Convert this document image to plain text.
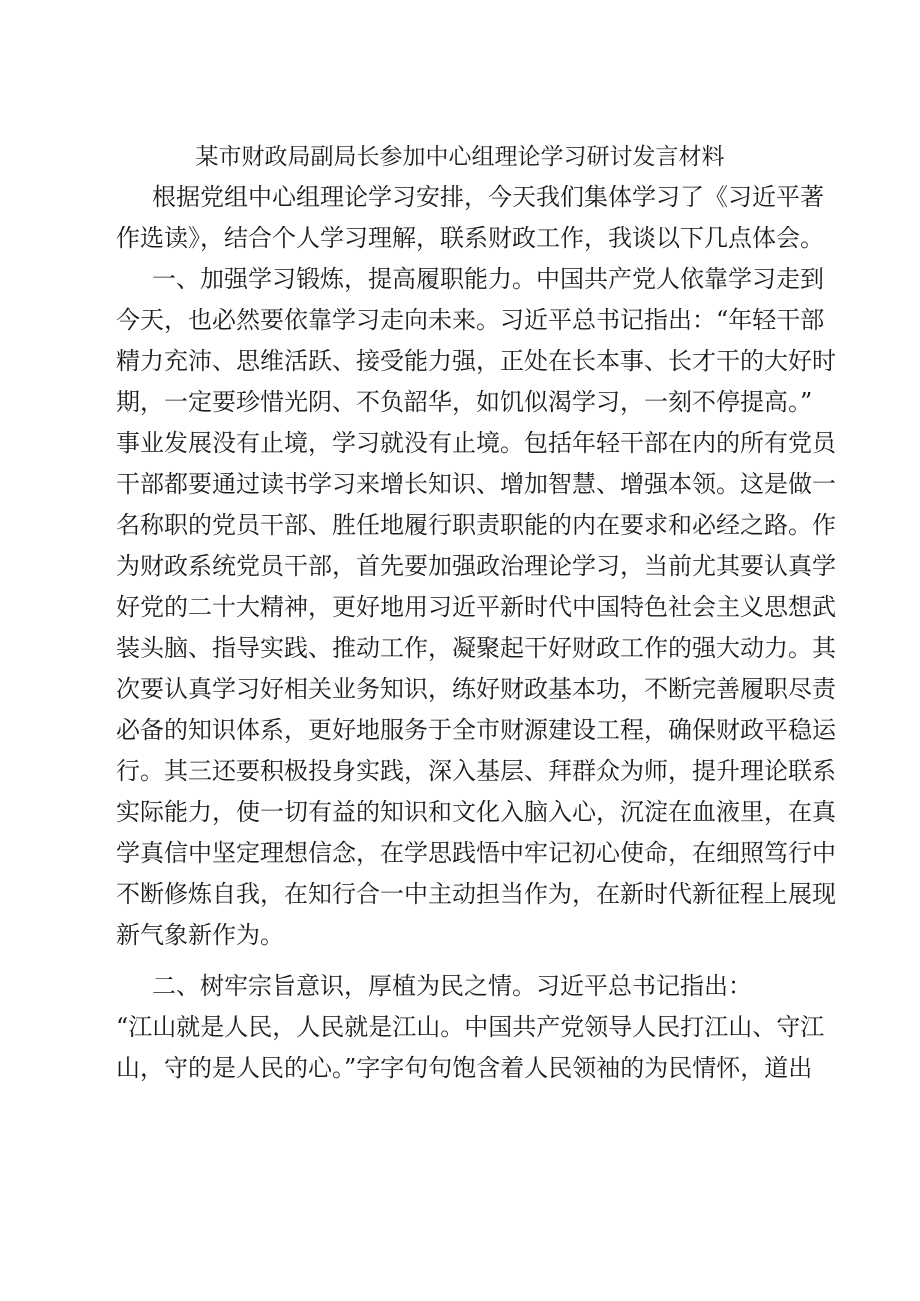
某市财政局副局长参加中心组理论学习研讨发言材料
根据党组中心组理论学习安排，今天我们集体学习了《习近平著
作选读》，结合个人学习理解，联系财政工作，我谈以下几点体会。
一、加强学习锻炼，提高履职能力。中国共产党人依靠学习走到
今天，也必然要依靠学习走向未来。习近平总书记指出：“年轻干部
精力充沛、思维活跃、接受能力强，正处在长本事、长才干的大好时
期，一定要珍惜光阴、不负韶华，如饥似渴学习，一刻不停提高。”
事业发展没有止境，学习就没有止境。包括年轻干部在内的所有党员
干部都要通过读书学习来增长知识、增加智慧、增强本领。这是做一
名称职的党员干部、胜任地履行职责职能的内在要求和必经之路。作
为财政系统党员干部，首先要加强政治理论学习，当前尤其要认真学
好党的二十大精神，更好地用习近平新时代中国特色社会主义思想武
装头脑、指导实践、推动工作，凝聚起干好财政工作的强大动力。其
次要认真学习好相关业务知识，练好财政基本功，不断完善履职尽责
必备的知识体系，更好地服务于全市财源建设工程，确保财政平稳运
行。其三还要积极投身实践，深入基层、拜群众为师，提升理论联系
实际能力，使一切有益的知识和文化入脑入心，沉淀在血液里，在真
学真信中坚定理想信念，在学思践悟中牢记初心使命，在细照笃行中
不断修炼自我，在知行合一中主动担当作为，在新时代新征程上展现
新气象新作为。
二、树牢宗旨意识，厚植为民之情。习近平总书记指出：
“江山就是人民，人民就是江山。中国共产党领导人民打江山、守江
山，守的是人民的心。”字字句句饱含着人民领袖的为民情怀，道出
